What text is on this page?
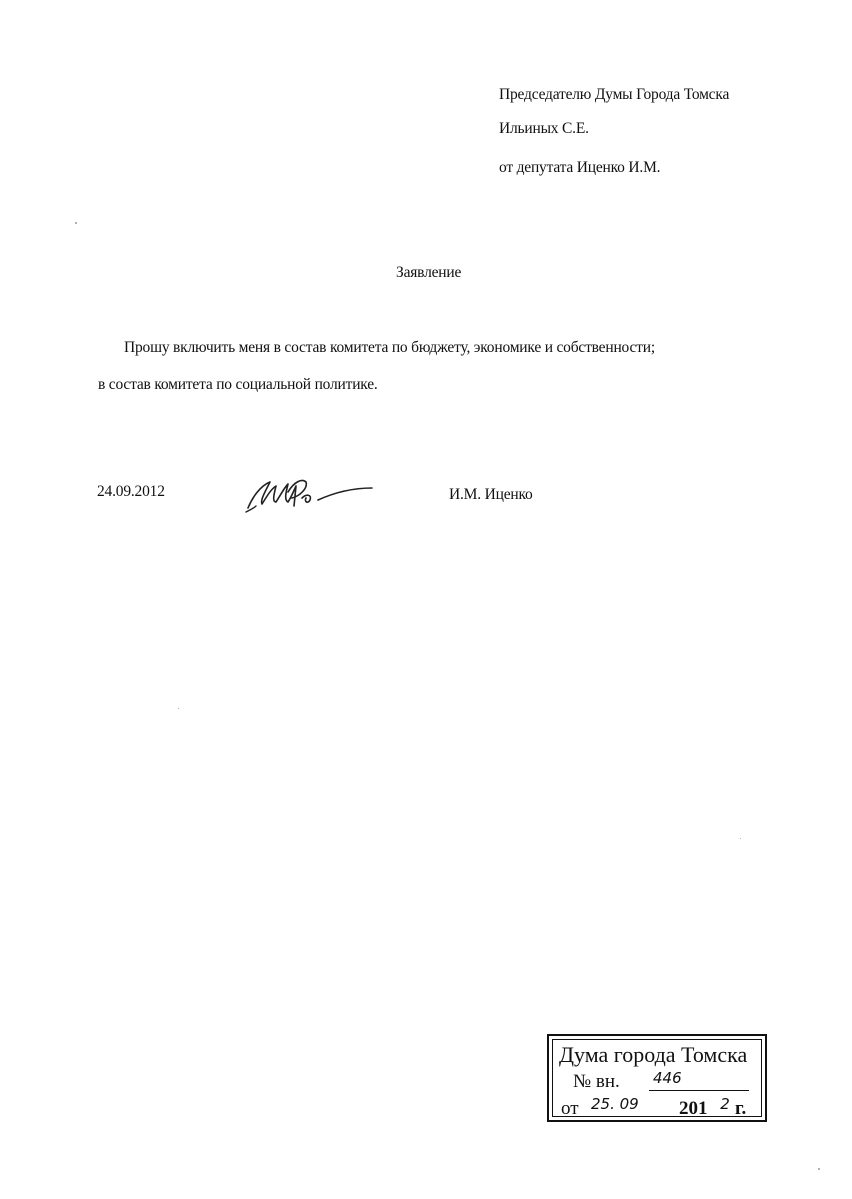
Председателю Думы Города Томска
Ильиных С.Е.
от депутата Иценко И.М.
Заявление
Прошу включить меня в состав комитета по бюджету, экономике и собственности;
в состав комитета по социальной политике.
24.09.2012	И.М. Иценко
Дума города Томска
№ вн. 446
от 25. 09	201 2 г.
